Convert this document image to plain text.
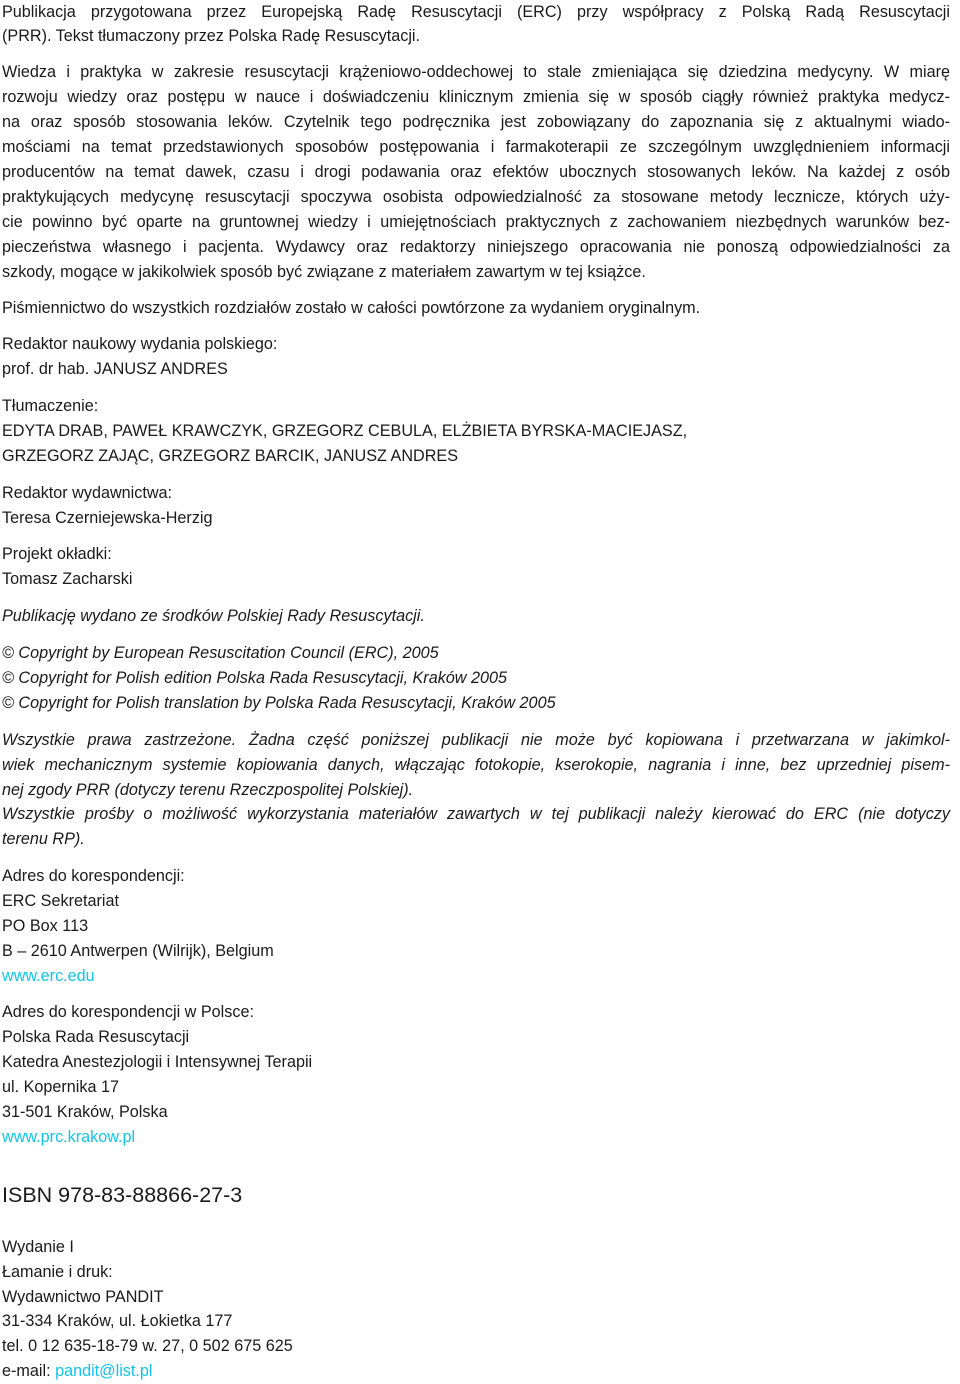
Publikacja przygotowana przez Europejską Radę Resuscytacji (ERC) przy współpracy z Polską Radą Resuscytacji
(PRR). Tekst tłumaczony przez Polska Radę Resuscytacji.
Wiedza i praktyka w zakresie resuscytacji krążeniowo-oddechowej to stale zmieniająca się dziedzina medycyny. W miarę
rozwoju wiedzy oraz postępu w nauce i doświadczeniu klinicznym zmienia się w sposób ciągły również praktyka medycz-
na oraz sposób stosowania leków. Czytelnik tego podręcznika jest zobowiązany do zapoznania się z aktualnymi wiado-
mościami na temat przedstawionych sposobów postępowania i farmakoterapii ze szczególnym uwzględnieniem informacji
producentów na temat dawek, czasu i drogi podawania oraz efektów ubocznych stosowanych leków. Na każdej z osób
praktykujących medycynę resuscytacji spoczywa osobista odpowiedzialność za stosowane metody lecznicze, których uży-
cie powinno być oparte na gruntownej wiedzy i umiejętnościach praktycznych z zachowaniem niezbędnych warunków bez-
pieczeństwa własnego i pacjenta. Wydawcy oraz redaktorzy niniejszego opracowania nie ponoszą odpowiedzialności za
szkody, mogące w jakikolwiek sposób być związane z materiałem zawartym w tej książce.
Piśmiennictwo do wszystkich rozdziałów zostało w całości powtórzone za wydaniem oryginalnym.
Redaktor naukowy wydania polskiego:
prof. dr hab. JANUSZ ANDRES
Tłumaczenie:
EDYTA DRAB, PAWEŁ KRAWCZYK, GRZEGORZ CEBULA, ELŻBIETA BYRSKA-MACIEJASZ,
GRZEGORZ ZAJĄC, GRZEGORZ BARCIK, JANUSZ ANDRES
Redaktor wydawnictwa:
Teresa Czerniejewska-Herzig
Projekt okładki:
Tomasz Zacharski
Publikację wydano ze środków Polskiej Rady Resuscytacji.
© Copyright by European Resuscitation Council (ERC), 2005
© Copyright for Polish edition Polska Rada Resuscytacji, Kraków 2005
© Copyright for Polish translation by Polska Rada Resuscytacji, Kraków 2005
Wszystkie prawa zastrzeżone. Żadna część poniższej publikacji nie może być kopiowana i przetwarzana w jakimkol-
wiek mechanicznym systemie kopiowania danych, włączając fotokopie, kserokopie, nagrania i inne, bez uprzedniej pisem-
nej zgody PRR (dotyczy terenu Rzeczpospolitej Polskiej).
Wszystkie prośby o możliwość wykorzystania materiałów zawartych w tej publikacji należy kierować do ERC (nie dotyczy
terenu RP).
Adres do korespondencji:
ERC Sekretariat
PO Box 113
B – 2610 Antwerpen (Wilrijk), Belgium
www.erc.edu
Adres do korespondencji w Polsce:
Polska Rada Resuscytacji
Katedra Anestezjologii i Intensywnej Terapii
ul. Kopernika 17
31-501 Kraków, Polska
www.prc.krakow.pl
ISBN 978-83-88866-27-3
Wydanie I
Łamanie i druk:
Wydawnictwo PANDIT
31-334 Kraków, ul. Łokietka 177
tel. 0 12 635-18-79 w. 27, 0 502 675 625
e-mail: pandit@list.pl
